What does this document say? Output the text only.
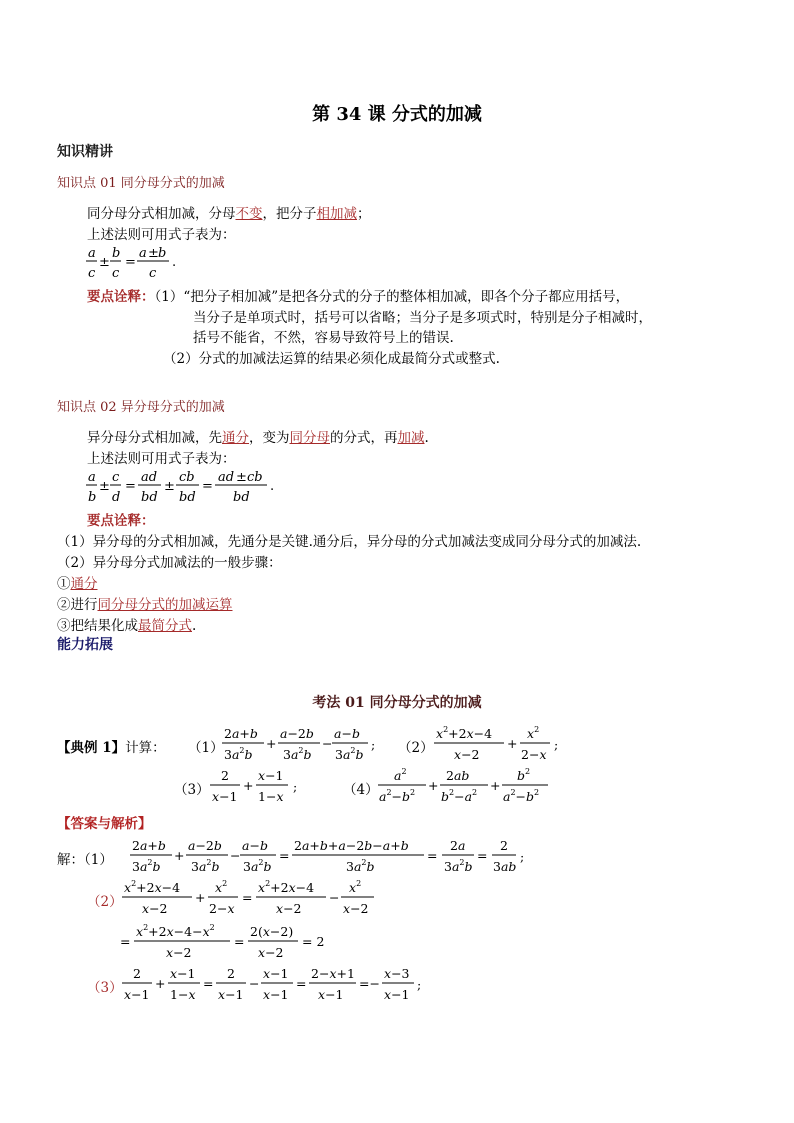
第 34 课 分式的加减
知识精讲
知识点 01 同分母分式的加减
同分母分式相加减，分母不变，把分子相加减；
上述法则可用式子表为：
a
c
±
b
c
=
a ± b
c
.
要点诠释：（1）“把分子相加减”是把各分式的分子的整体相加减，即各个分子都应用括号，
当分子是单项式时，括号可以省略；当分子是多项式时，特别是分子相减时，
括号不能省，不然，容易导致符号上的错误.
（2）分式的加减法运算的结果必须化成最简分式或整式.
知识点 02 异分母分式的加减
异分母分式相加减，先通分，变为同分母的分式，再加减.
上述法则可用式子表为：
a
b
±
c
d
=
ad
bd
±
cb
bd
=
ad ± cb
bd
.
要点诠释：
（1）异分母的分式相加减，先通分是关键.通分后，异分母的分式加减法变成同分母分式的加减法.
（2）异分母分式加减法的一般步骤：
①通分
②进行同分母分式的加减运算
③把结果化成最简分式.
能力拓展
考法 01 同分母分式的加减
【典例 1】计算： （1）
2a+b
$3a^2b$
+
a−2b
$3a^2b$
−
a−b
$3a^2b$
; （2）
$x^2+2x-4$
x−2
+
$x^2$
2−x
;
（3）
2
x−1
+
x−1
1−x
;	（4）
$a^2$
$a^2-b^2$ +
2ab
$b^2-a^2$ +
$b^2$
$a^2-b^2$
【答案与解析】
解：（1）
2a+b
$3a^2b$
+
a−2b
$3a^2b$
−
a−b
$3a^2b$
=
2a+b+a−2b−a+b
$3a^2b$
=
2a
$3a^2b$
=
2
3ab
;
（2）
$x^2+2x-4$
x−2
+
$x^2$
2−x
=
$x^2+2x-4$
x−2
−
$x^2$
x−2
=
$x^2+2x-4-x^2$
x−2
=
2(x−2)
x−2
= 2
（3）
2
x−1
+
x−1
1−x
=
2
x−1
−
x−1
x−1
=
2−x+1
x−1
=−
x−3
x−1
;
